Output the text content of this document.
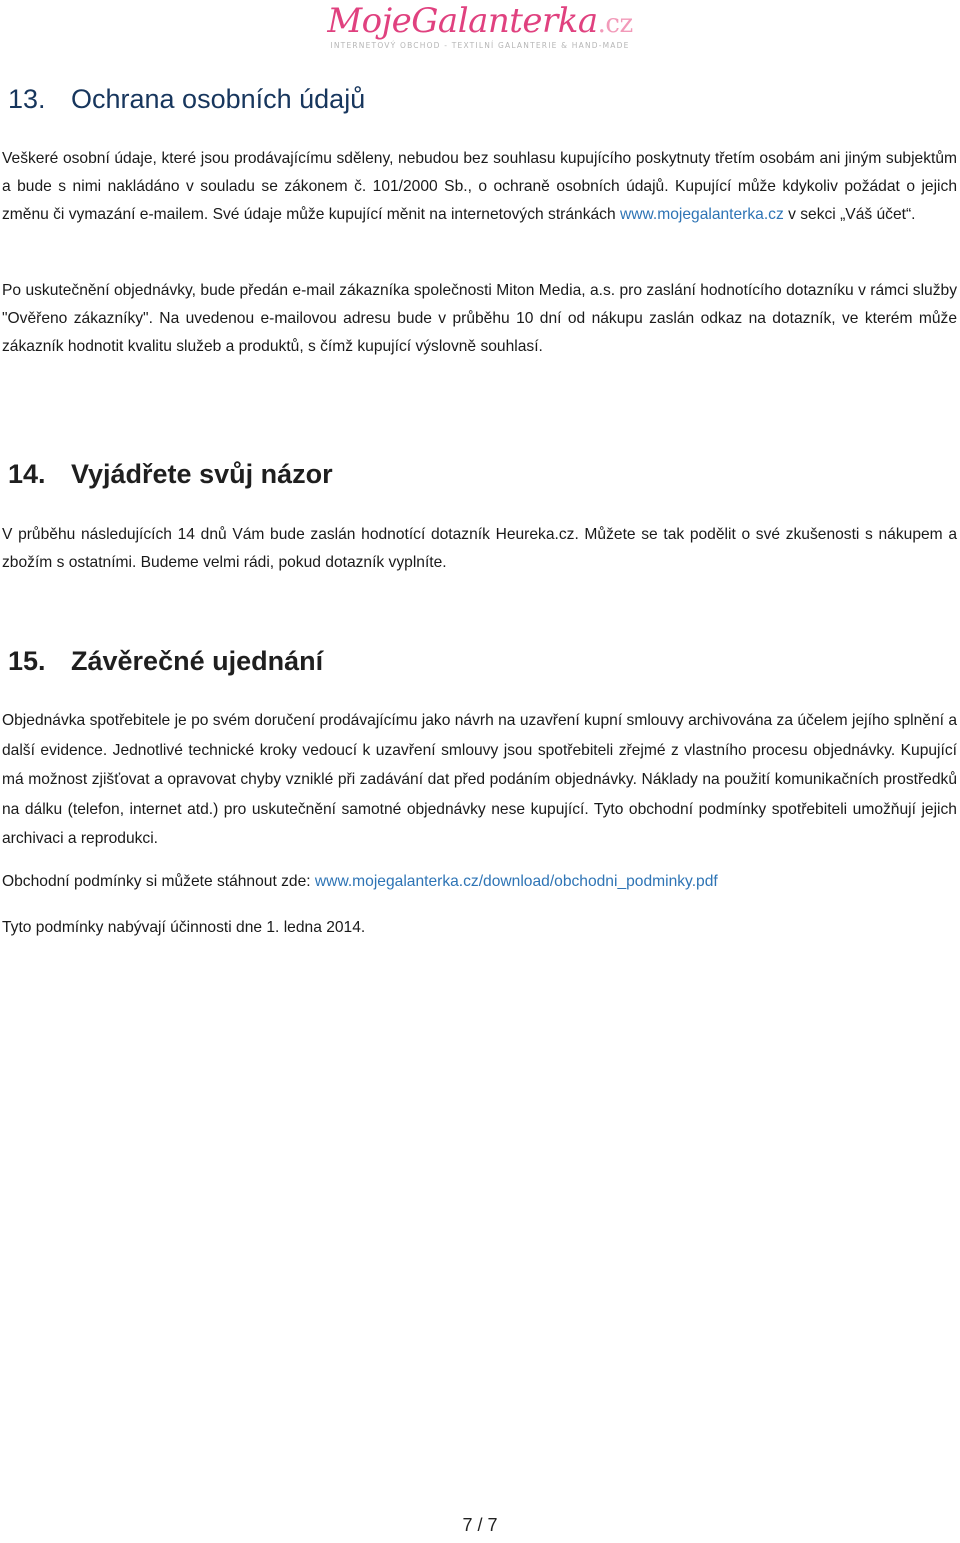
MojeGalanterka.cz
INTERNETOVÝ OBCHOD - TEXTILNÍ GALANTERIE & HAND-MADE
13. Ochrana osobních údajů

Veškeré osobní údaje, které jsou prodávajícímu sděleny, nebudou bez souhlasu kupujícího poskytnuty třetím osobám ani jiným subjektům a bude s nimi nakládáno v souladu se zákonem č. 101/2000 Sb., o ochraně osobních údajů. Kupující může kdykoliv požádat o jejich změnu či vymazání e-mailem. Své údaje může kupující měnit na internetových stránkách www.mojegalanterka.cz v sekci „Váš účet“.

Po uskutečnění objednávky, bude předán e-mail zákazníka společnosti Miton Media, a.s. pro zaslání hodnotícího dotazníku v rámci služby "Ověřeno zákazníky". Na uvedenou e-mailovou adresu bude v průběhu 10 dní od nákupu zaslán odkaz na dotazník, ve kterém může zákazník hodnotit kvalitu služeb a produktů, s čímž kupující výslovně souhlasí.

14. Vyjádřete svůj názor

V průběhu následujících 14 dnů Vám bude zaslán hodnotící dotazník Heureka.cz. Můžete se tak podělit o své zkušenosti s nákupem a zbožím s ostatními. Budeme velmi rádi, pokud dotazník vyplníte.

15. Závěrečné ujednání

Objednávka spotřebitele je po svém doručení prodávajícímu jako návrh na uzavření kupní smlouvy archivována za účelem jejího splnění a další evidence. Jednotlivé technické kroky vedoucí k uzavření smlouvy jsou spotřebiteli zřejmé z vlastního procesu objednávky. Kupující má možnost zjišťovat a opravovat chyby vzniklé při zadávání dat před podáním objednávky. Náklady na použití komunikačních prostředků na dálku (telefon, internet atd.) pro uskutečnění samotné objednávky nese kupující. Tyto obchodní podmínky spotřebiteli umožňují jejich archivaci a reprodukci.

Obchodní podmínky si můžete stáhnout zde: www.mojegalanterka.cz/download/obchodni_podminky.pdf

Tyto podmínky nabývají účinnosti dne 1. ledna 2014.

7 / 7
